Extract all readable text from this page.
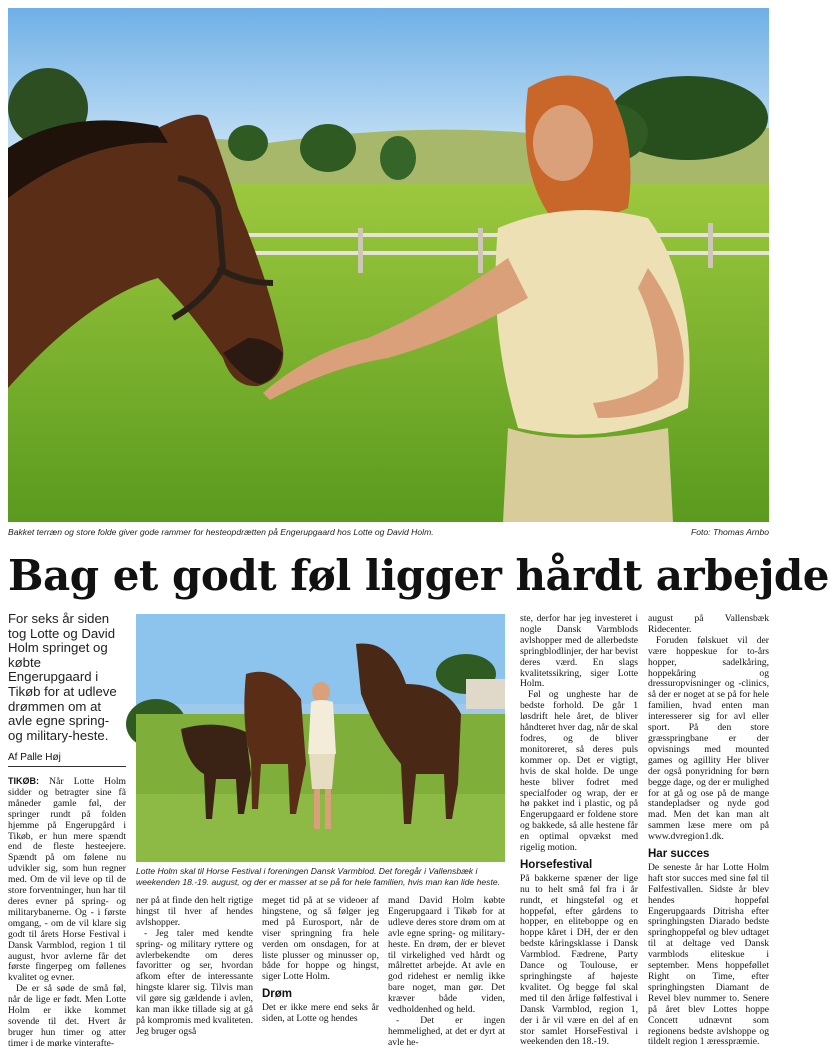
Bakket terræn og store folde giver gode rammer for hesteopdrætten på Engerupgaard hos Lotte og David Holm.	Foto: Thomas Arnbo
Bag et godt føl ligger hårdt arbejde
For seks år siden tog Lotte og David Holm springet og købte Engerupgaard i Tikøb for at udleve drømmen om at avle egne spring- og military-heste.
Af Palle Høj
Lotte Holm skal til Horse Festival i foreningen Dansk Varmblod. Det foregår i Vallensbæk i weekenden 18.-19. august, og der er masser at se på for hele familien, hvis man kan lide heste.

TIKØB: Når Lotte Holm sidder og betragter sine fã måneder gamle føl, der springer rundt på folden hjemme på Engerupgård i Tikøb, er hun mere spændt end de fleste hesteejere. Spændt på om følene nu udvikler sig, som hun regner med. Om de vil leve op til de store forventninger, hun har til deres evner på spring- og militarybanerne. Og - i første omgang, - om de vil klare sig godt til årets Horse Festival i Dansk Varmblod, region 1 til august, hvor avlerne får det første fingerpeg om føllenes kvalitet og evner.

De er så søde de små føl, når de lige er født. Men Lotte Holm er ikke kommet sovende til det. Hvert år bruger hun timer og atter timer i de mørke vinterafte-

ner på at finde den helt rigtige hingst til hver af hendes avlshopper.

- Jeg taler med kendte spring- og military ryttere og avlerbekendte om deres favoritter og ser, hvordan afkom efter de interessante hingste klarer sig. Tilvis man vil gøre sig gældende i avlen, kan man ikke tillade sig at gå på kompromis med kvaliteten. Jeg bruger også

meget tid på at se videoer af hingstene, og så følger jeg med på Eurosport, når de viser springning fra hele verden om onsdagen, for at liste plusser og minusser op, både for hoppe og hingst, siger Lotte Holm.

Drøm

Det er ikke mere end seks år siden, at Lotte og hendes

mand David Holm købte Engerupgaard i Tikøb for at udleve deres store drøm om at avle egne spring- og military-heste. En drøm, der er blevet til virkelighed ved hårdt og målrettet arbejde. At avle en god ridehest er nemlig ikke bare noget, man gør. Det kræver både viden, vedholdenhed og held.

- Det er ingen hemmelighed, at det er dyrt at avle he-

ste, derfor har jeg investeret i nogle Dansk Varmblods avlshopper med de allerbedste springblodlinjer, der har bevist deres værd. En slags kvalitetssikring, siger Lotte Holm.

Føl og ungheste har de bedste forhold. De går 1 løsdrift hele året, de bliver håndteret hver dag, når de skal fodres, og de bliver monitoreret, så deres puls kommer op. Det er vigtigt, hvis de skal holde. De unge heste bliver fodret med specialfoder og wrap, der er hø pakket ind i plastic, og på Engerupgaard er foldene store og bakkede, så alle hestene får en optimal opvækst med rigelig motion.

Horsefestival

På bakkerne spæner der lige nu to helt små føl fra i år rundt, et hingsteføl og et hoppeføl, efter gårdens to hopper, en eliteboppe og en hoppe kåret i DH, der er den bedste kåringsklasse i Dansk Varmblod. Fædrene, Party Dance og Toulouse, er springhingste af højeste kvalitet. Og begge føl skal med til den årlige følfestival i Dansk Varmblod, region 1, der i år vil være en del af en stor samlet HorseFestival i weekenden den 18.-19.

august på Vallensbæk Ridecenter.

Foruden følskuet vil der være hoppeskue for to-års hopper, sadelkåring, hoppekåring og dressuropvisninger og -clinics, så der er noget at se på for hele familien, hvad enten man interesserer sig for avl eller sport. På den store græsspringbane er der opvisnings med mounted games og agillity Her bliver der også ponyridning for børn begge dage, og der er mulighed for at gå og ose på de mange standepladser og nyde god mad. Men det kan man alt sammen læse mere om på www.dvregion1.dk.

Har succes

De seneste år har Lotte Holm haft stor succes med sine føl til Følfestivallen. Sidste år blev hendes hoppeføl Engerupgaards Ditrisha efter springhingsten Diarado bedste springhoppeføl og blev udtaget til at deltage ved Dansk varmblods eliteskue i september. Mens hoppeføllet Right on Time, efter springhingsten Diamant de Revel blev nummer to. Senere på året blev Lottes hoppe Concett udnævnt som regionens bedste avlshoppe og tildelt region 1 æresspræmie.
